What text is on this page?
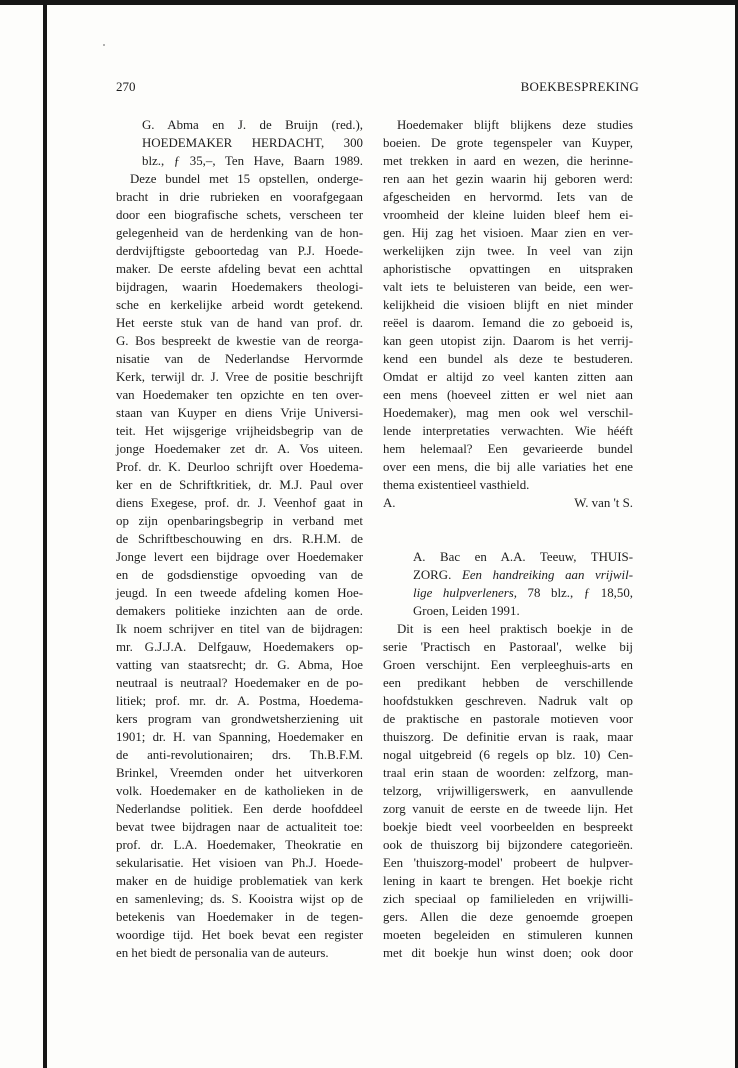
270	BOEKBESPREKING
G. Abma en J. de Bruijn (red.),
HOEDEMAKER HERDACHT, 300
blz., ƒ 35,–, Ten Have, Baarn 1989.
Deze bundel met 15 opstellen, onderge-
bracht in drie rubrieken en voorafgegaan
door een biografische schets, verscheen ter
gelegenheid van de herdenking van de hon-
derdvijftigste geboortedag van P.J. Hoede-
maker. De eerste afdeling bevat een achttal
bijdragen, waarin Hoedemakers theologi-
sche en kerkelijke arbeid wordt getekend.
Het eerste stuk van de hand van prof. dr.
G. Bos bespreekt de kwestie van de reorga-
nisatie van de Nederlandse Hervormde
Kerk, terwijl dr. J. Vree de positie beschrijft
van Hoedemaker ten opzichte en ten over-
staan van Kuyper en diens Vrije Universi-
teit. Het wijsgerige vrijheidsbegrip van de
jonge Hoedemaker zet dr. A. Vos uiteen.
Prof. dr. K. Deurloo schrijft over Hoedema-
ker en de Schriftkritiek, dr. M.J. Paul over
diens Exegese, prof. dr. J. Veenhof gaat in
op zijn openbaringsbegrip in verband met
de Schriftbeschouwing en drs. R.H.M. de
Jonge levert een bijdrage over Hoedemaker
en de godsdienstige opvoeding van de
jeugd. In een tweede afdeling komen Hoe-
demakers politieke inzichten aan de orde.
Ik noem schrijver en titel van de bijdragen:
mr. G.J.J.A. Delfgauw, Hoedemakers op-
vatting van staatsrecht; dr. G. Abma, Hoe
neutraal is neutraal? Hoedemaker en de po-
litiek; prof. mr. dr. A. Postma, Hoedema-
kers program van grondwetsherziening uit
1901; dr. H. van Spanning, Hoedemaker en
de anti-revolutionairen; drs. Th.B.F.M.
Brinkel, Vreemden onder het uitverkoren
volk. Hoedemaker en de katholieken in de
Nederlandse politiek. Een derde hoofddeel
bevat twee bijdragen naar de actualiteit toe:
prof. dr. L.A. Hoedemaker, Theokratie en
sekularisatie. Het visioen van Ph.J. Hoede-
maker en de huidige problematiek van kerk
en samenleving; ds. S. Kooistra wijst op de
betekenis van Hoedemaker in de tegen-
woordige tijd. Het boek bevat een register
en het biedt de personalia van de auteurs.
Hoedemaker blijft blijkens deze studies
boeien. De grote tegenspeler van Kuyper,
met trekken in aard en wezen, die herinne-
ren aan het gezin waarin hij geboren werd:
afgescheiden en hervormd. Iets van de
vroomheid der kleine luiden bleef hem ei-
gen. Hij zag het visioen. Maar zien en ver-
werkelijken zijn twee. In veel van zijn
aphoristische opvattingen en uitspraken
valt iets te beluisteren van beide, een wer-
kelijkheid die visioen blijft en niet minder
reëel is daarom. Iemand die zo geboeid is,
kan geen utopist zijn. Daarom is het verrij-
kend een bundel als deze te bestuderen.
Omdat er altijd zo veel kanten zitten aan
een mens (hoeveel zitten er wel niet aan
Hoedemaker), mag men ook wel verschil-
lende interpretaties verwachten. Wie hééft
hem helemaal? Een gevarieerde bundel
over een mens, die bij alle variaties het ene
thema existentieel vasthield.
A.	W. van 't S.
A. Bac en A.A. Teeuw, THUIS-
ZORG. Een handreiking aan vrijwil-
lige hulpverleners, 78 blz., ƒ 18,50,
Groen, Leiden 1991.
Dit is een heel praktisch boekje in de
serie 'Practisch en Pastoraal', welke bij
Groen verschijnt. Een verpleeghuis-arts en
een predikant hebben de verschillende
hoofdstukken geschreven. Nadruk valt op
de praktische en pastorale motieven voor
thuiszorg. De definitie ervan is raak, maar
nogal uitgebreid (6 regels op blz. 10) Cen-
traal erin staan de woorden: zelfzorg, man-
telzorg, vrijwilligerswerk, en aanvullende
zorg vanuit de eerste en de tweede lijn. Het
boekje biedt veel voorbeelden en bespreekt
ook de thuiszorg bij bijzondere categorieën.
Een 'thuiszorg-model' probeert de hulpver-
lening in kaart te brengen. Het boekje richt
zich speciaal op familieleden en vrijwilli-
gers. Allen die deze genoemde groepen
moeten begeleiden en stimuleren kunnen
met dit boekje hun winst doen; ook door
